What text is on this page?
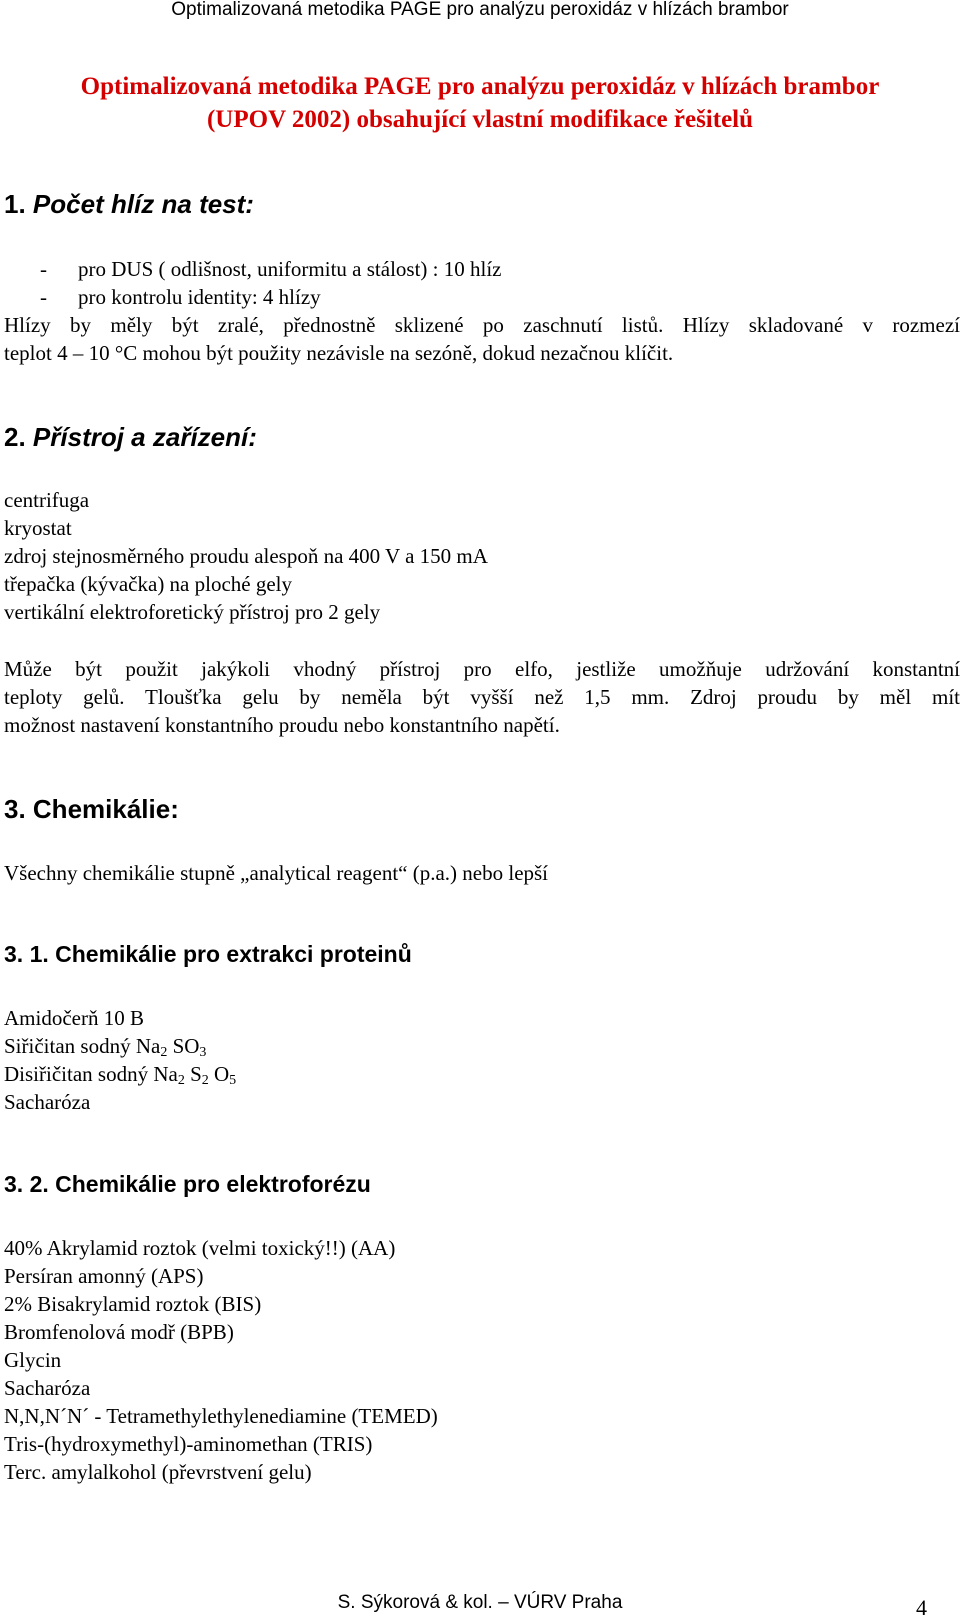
Optimalizovaná metodika PAGE pro analýzu peroxidáz v hlízách brambor
Optimalizovaná metodika PAGE pro analýzu peroxidáz v hlízách brambor
(UPOV 2002) obsahující vlastní modifikace řešitelů
1. Počet hlíz na test:
- pro DUS ( odlišnost, uniformitu a stálost) : 10 hlíz
- pro kontrolu identity: 4 hlízy
Hlízy by měly být zralé, přednostně sklizené po zaschnutí listů. Hlízy skladované v rozmezí
teplot 4 – 10 °C mohou být použity nezávisle na sezóně, dokud nezačnou klíčit.
2. Přístroj a zařízení:
centrifuga
kryostat
zdroj stejnosměrného proudu alespoň na 400 V a 150 mA
třepačka (kývačka) na ploché gely
vertikální elektroforetický přístroj pro 2 gely
Může být použit jakýkoli vhodný přístroj pro elfo, jestliže umožňuje udržování konstantní
teploty gelů. Tloušťka gelu by neměla být vyšší než 1,5 mm. Zdroj proudu by měl mít
možnost nastavení konstantního proudu nebo konstantního napětí.
3. Chemikálie:
Všechny chemikálie stupně „analytical reagent“ (p.a.) nebo lepší
3. 1. Chemikálie pro extrakci proteinů
Amidočerň 10 B
Siřičitan sodný $Na_2$ $SO_3$
Disiřičitan sodný $Na_2$ $S_2$ $O_5$
Sacharóza
3. 2. Chemikálie pro elektroforézu
40% Akrylamid roztok (velmi toxický!!) (AA)
Persíran amonný (APS)
2% Bisakrylamid roztok (BIS)
Bromfenolová modř (BPB)
Glycin
Sacharóza
N,N,N´N´ - Tetramethylethylenediamine (TEMED)
Tris-(hydroxymethyl)-aminomethan (TRIS)
Terc. amylalkohol (převrstvení gelu)
S. Sýkorová & kol. – VÚRV Praha	4
